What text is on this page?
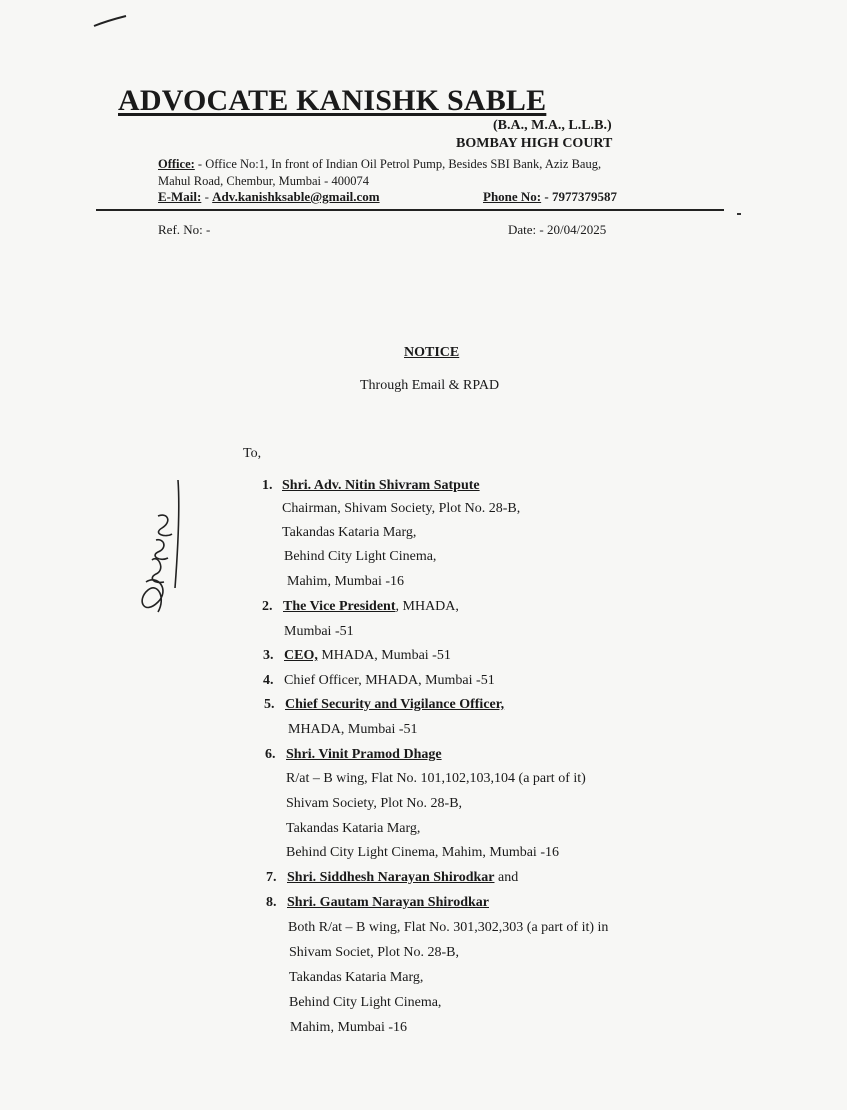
ADVOCATE KANISHK SABLE
(B.A., M.A., L.L.B.)
BOMBAY HIGH COURT
Office: - Office No:1, In front of Indian Oil Petrol Pump, Besides SBI Bank, Aziz Baug,
Mahul Road, Chembur, Mumbai - 400074
E-Mail: - Adv.kanishksable@gmail.com	Phone No: - 7977379587
Ref. No: -	Date: - 20/04/2025
NOTICE
Through Email & RPAD
To,
1. Shri. Adv. Nitin Shivram Satpute
Chairman, Shivam Society, Plot No. 28-B,
Takandas Kataria Marg,
Behind City Light Cinema,
Mahim, Mumbai -16
2. The Vice President, MHADA,
Mumbai -51
3. CEO, MHADA, Mumbai -51
4. Chief Officer, MHADA, Mumbai -51
5. Chief Security and Vigilance Officer,
MHADA, Mumbai -51
6. Shri. Vinit Pramod Dhage
R/at – B wing, Flat No. 101,102,103,104 (a part of it)
Shivam Society, Plot No. 28-B,
Takandas Kataria Marg,
Behind City Light Cinema, Mahim, Mumbai -16
7. Shri. Siddhesh Narayan Shirodkar and
8. Shri. Gautam Narayan Shirodkar
Both R/at – B wing, Flat No. 301,302,303 (a part of it) in
Shivam Societ, Plot No. 28-B,
Takandas Kataria Marg,
Behind City Light Cinema,
Mahim, Mumbai -16
